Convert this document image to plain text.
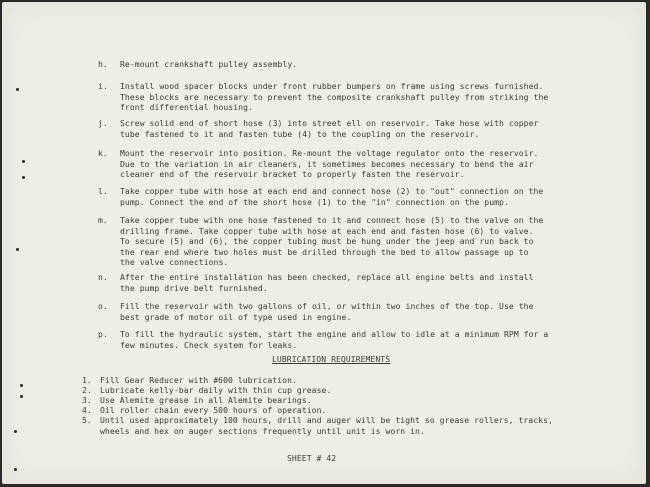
h. Re-mount crankshaft pulley assembly.
i. Install wood spacer blocks under front rubber bumpers on frame using screws furnished.
These blocks are necessary to prevent the composite crankshaft pulley from striking the
front differential housing.
j. Screw solid end of short hose (3) into street ell on reservoir. Take hose with copper
tube fastened to it and fasten tube (4) to the coupling on the reservoir.
k. Mount the reservoir into position. Re-mount the voltage regulator onto the reservoir.
Due to the variation in air cleaners, it sometimes becomes necessary to bend the air
cleaner end of the reservoir bracket to properly fasten the reservoir.
l. Take copper tube with hose at each end and connect hose (2) to "out" connection on the
pump. Connect the end of the short hose (1) to the "in" connection on the pump.
m. Take copper tube with one hose fastened to it and connect hose (5) to the valve on the
drilling frame. Take copper tube with hose at each end and fasten hose (6) to valve.
To secure (5) and (6), the copper tubing must be hung under the jeep and run back to
the rear end where two holes must be drilled through the bed to allow passage up to
the valve connections.
n. After the entire installation has been checked, replace all engine belts and install
the pump drive belt furnished.
o. Fill the reservoir with two gallons of oil, or within two inches of the top. Use the
best grade of motor oil of type used in engine.
p. To fill the hydraulic system, start the engine and allow to idle at a minimum RPM for a
few minutes. Check system for leaks.
LUBRICATION REQUIREMENTS
1. Fill Gear Reducer with #600 lubrication.
2. Lubricate kelly-bar daily with thin cup grease.
3. Use Alemite grease in all Alemite bearings.
4. Oil roller chain every 500 hours of operation.
5. Until used approximately 100 hours, drill and auger will be tight so grease rollers, tracks,
wheels and hex on auger sections frequently until unit is worn in.
SHEET # 42
